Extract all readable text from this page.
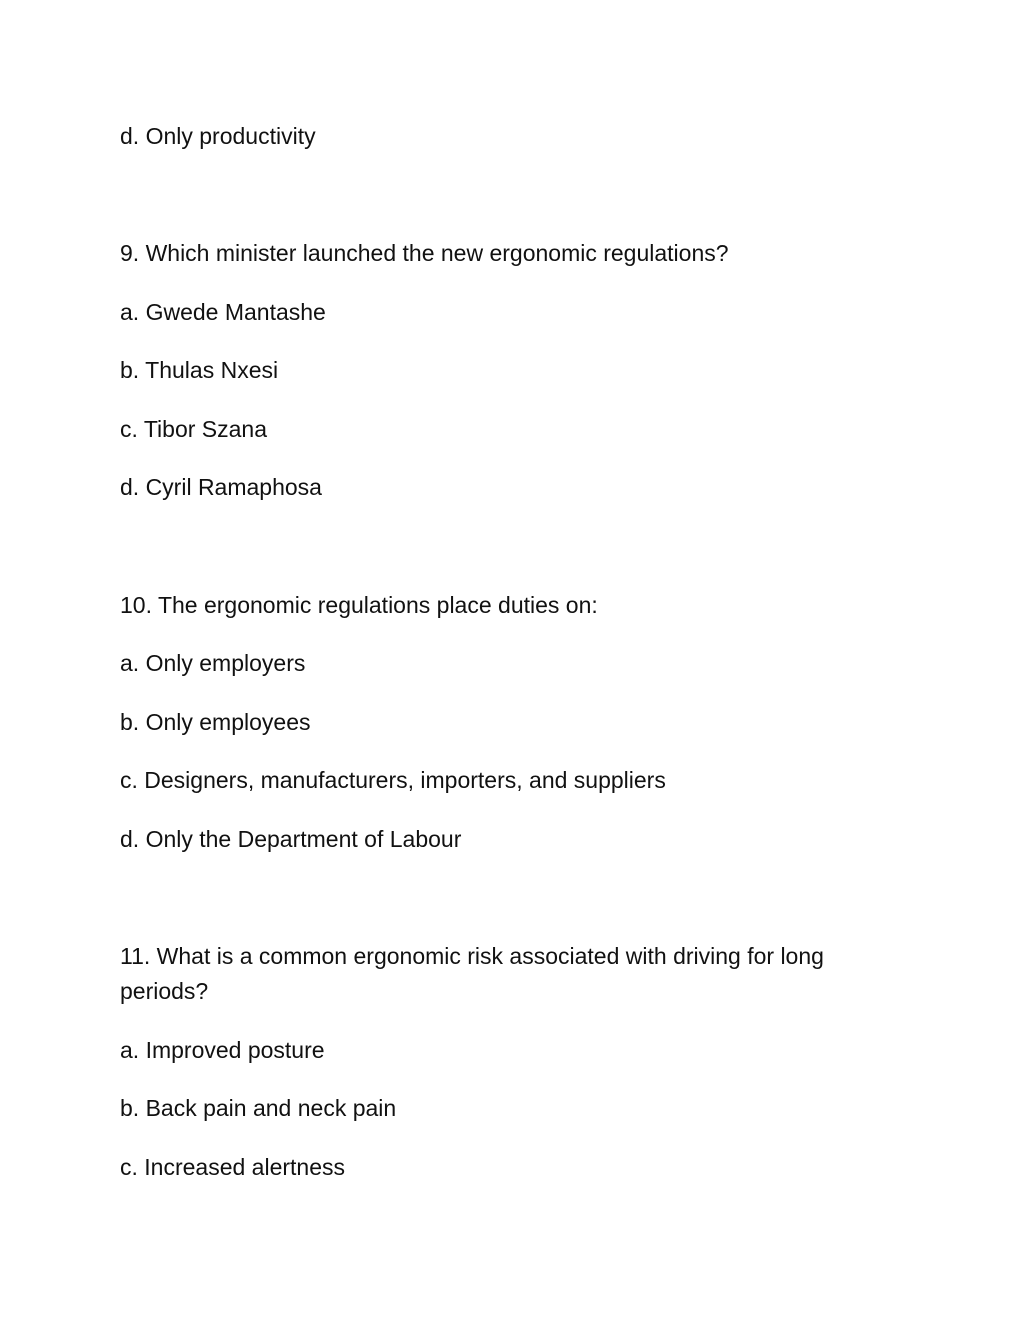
d. Only productivity
9. Which minister launched the new ergonomic regulations?
a. Gwede Mantashe
b. Thulas Nxesi
c. Tibor Szana
d. Cyril Ramaphosa
10. The ergonomic regulations place duties on:
a. Only employers
b. Only employees
c. Designers, manufacturers, importers, and suppliers
d. Only the Department of Labour
11. What is a common ergonomic risk associated with driving for long periods?
a. Improved posture
b. Back pain and neck pain
c. Increased alertness
